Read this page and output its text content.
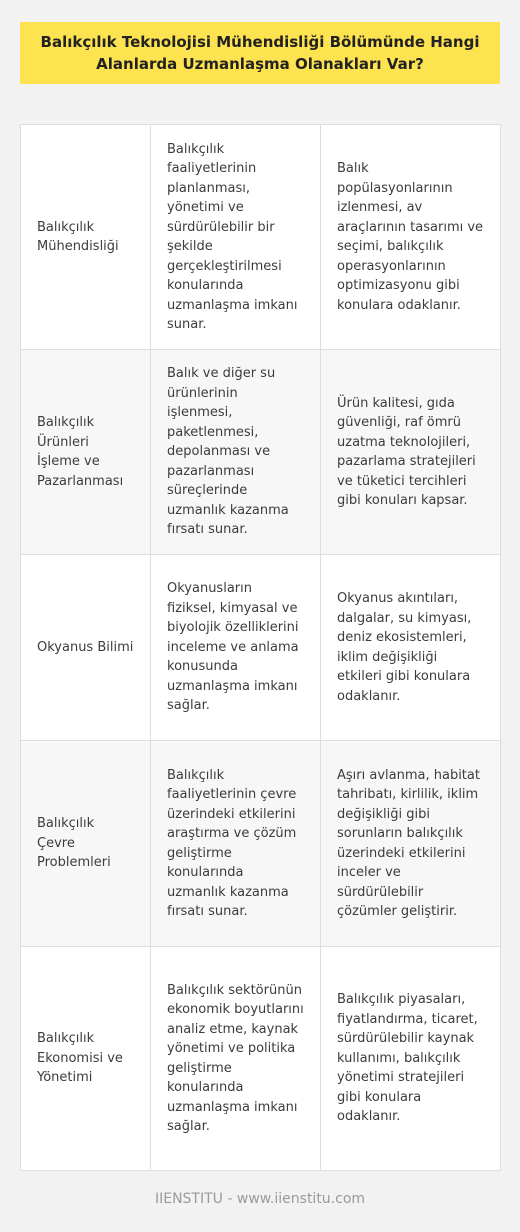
Balıkçılık Teknolojisi Mühendisliği Bölümünde Hangi Alanlarda Uzmanlaşma Olanakları Var?
Balıkçılık Mühendisliği	Balıkçılık faaliyetlerinin planlanması, yönetimi ve sürdürülebilir bir şekilde gerçekleştirilmesi konularında uzmanlaşma imkanı sunar.	Balık popülasyonlarının izlenmesi, av araçlarının tasarımı ve seçimi, balıkçılık operasyonlarının optimizasyonu gibi konulara odaklanır.
Balıkçılık Ürünleri İşleme ve Pazarlanması	Balık ve diğer su ürünlerinin işlenmesi, paketlenmesi, depolanması ve pazarlanması süreçlerinde uzmanlık kazanma fırsatı sunar.	Ürün kalitesi, gıda güvenliği, raf ömrü uzatma teknolojileri, pazarlama stratejileri ve tüketici tercihleri gibi konuları kapsar.
Okyanus Bilimi	Okyanusların fiziksel, kimyasal ve biyolojik özelliklerini inceleme ve anlama konusunda uzmanlaşma imkanı sağlar.	Okyanus akıntıları, dalgalar, su kimyası, deniz ekosistemleri, iklim değişikliği etkileri gibi konulara odaklanır.
Balıkçılık Çevre Problemleri	Balıkçılık faaliyetlerinin çevre üzerindeki etkilerini araştırma ve çözüm geliştirme konularında uzmanlık kazanma fırsatı sunar.	Aşırı avlanma, habitat tahribatı, kirlilik, iklim değişikliği gibi sorunların balıkçılık üzerindeki etkilerini inceler ve sürdürülebilir çözümler geliştirir.
Balıkçılık Ekonomisi ve Yönetimi	Balıkçılık sektörünün ekonomik boyutlarını analiz etme, kaynak yönetimi ve politika geliştirme konularında uzmanlaşma imkanı sağlar.	Balıkçılık piyasaları, fiyatlandırma, ticaret, sürdürülebilir kaynak kullanımı, balıkçılık yönetimi stratejileri gibi konulara odaklanır.
IIENSTITU - www.iienstitu.com
